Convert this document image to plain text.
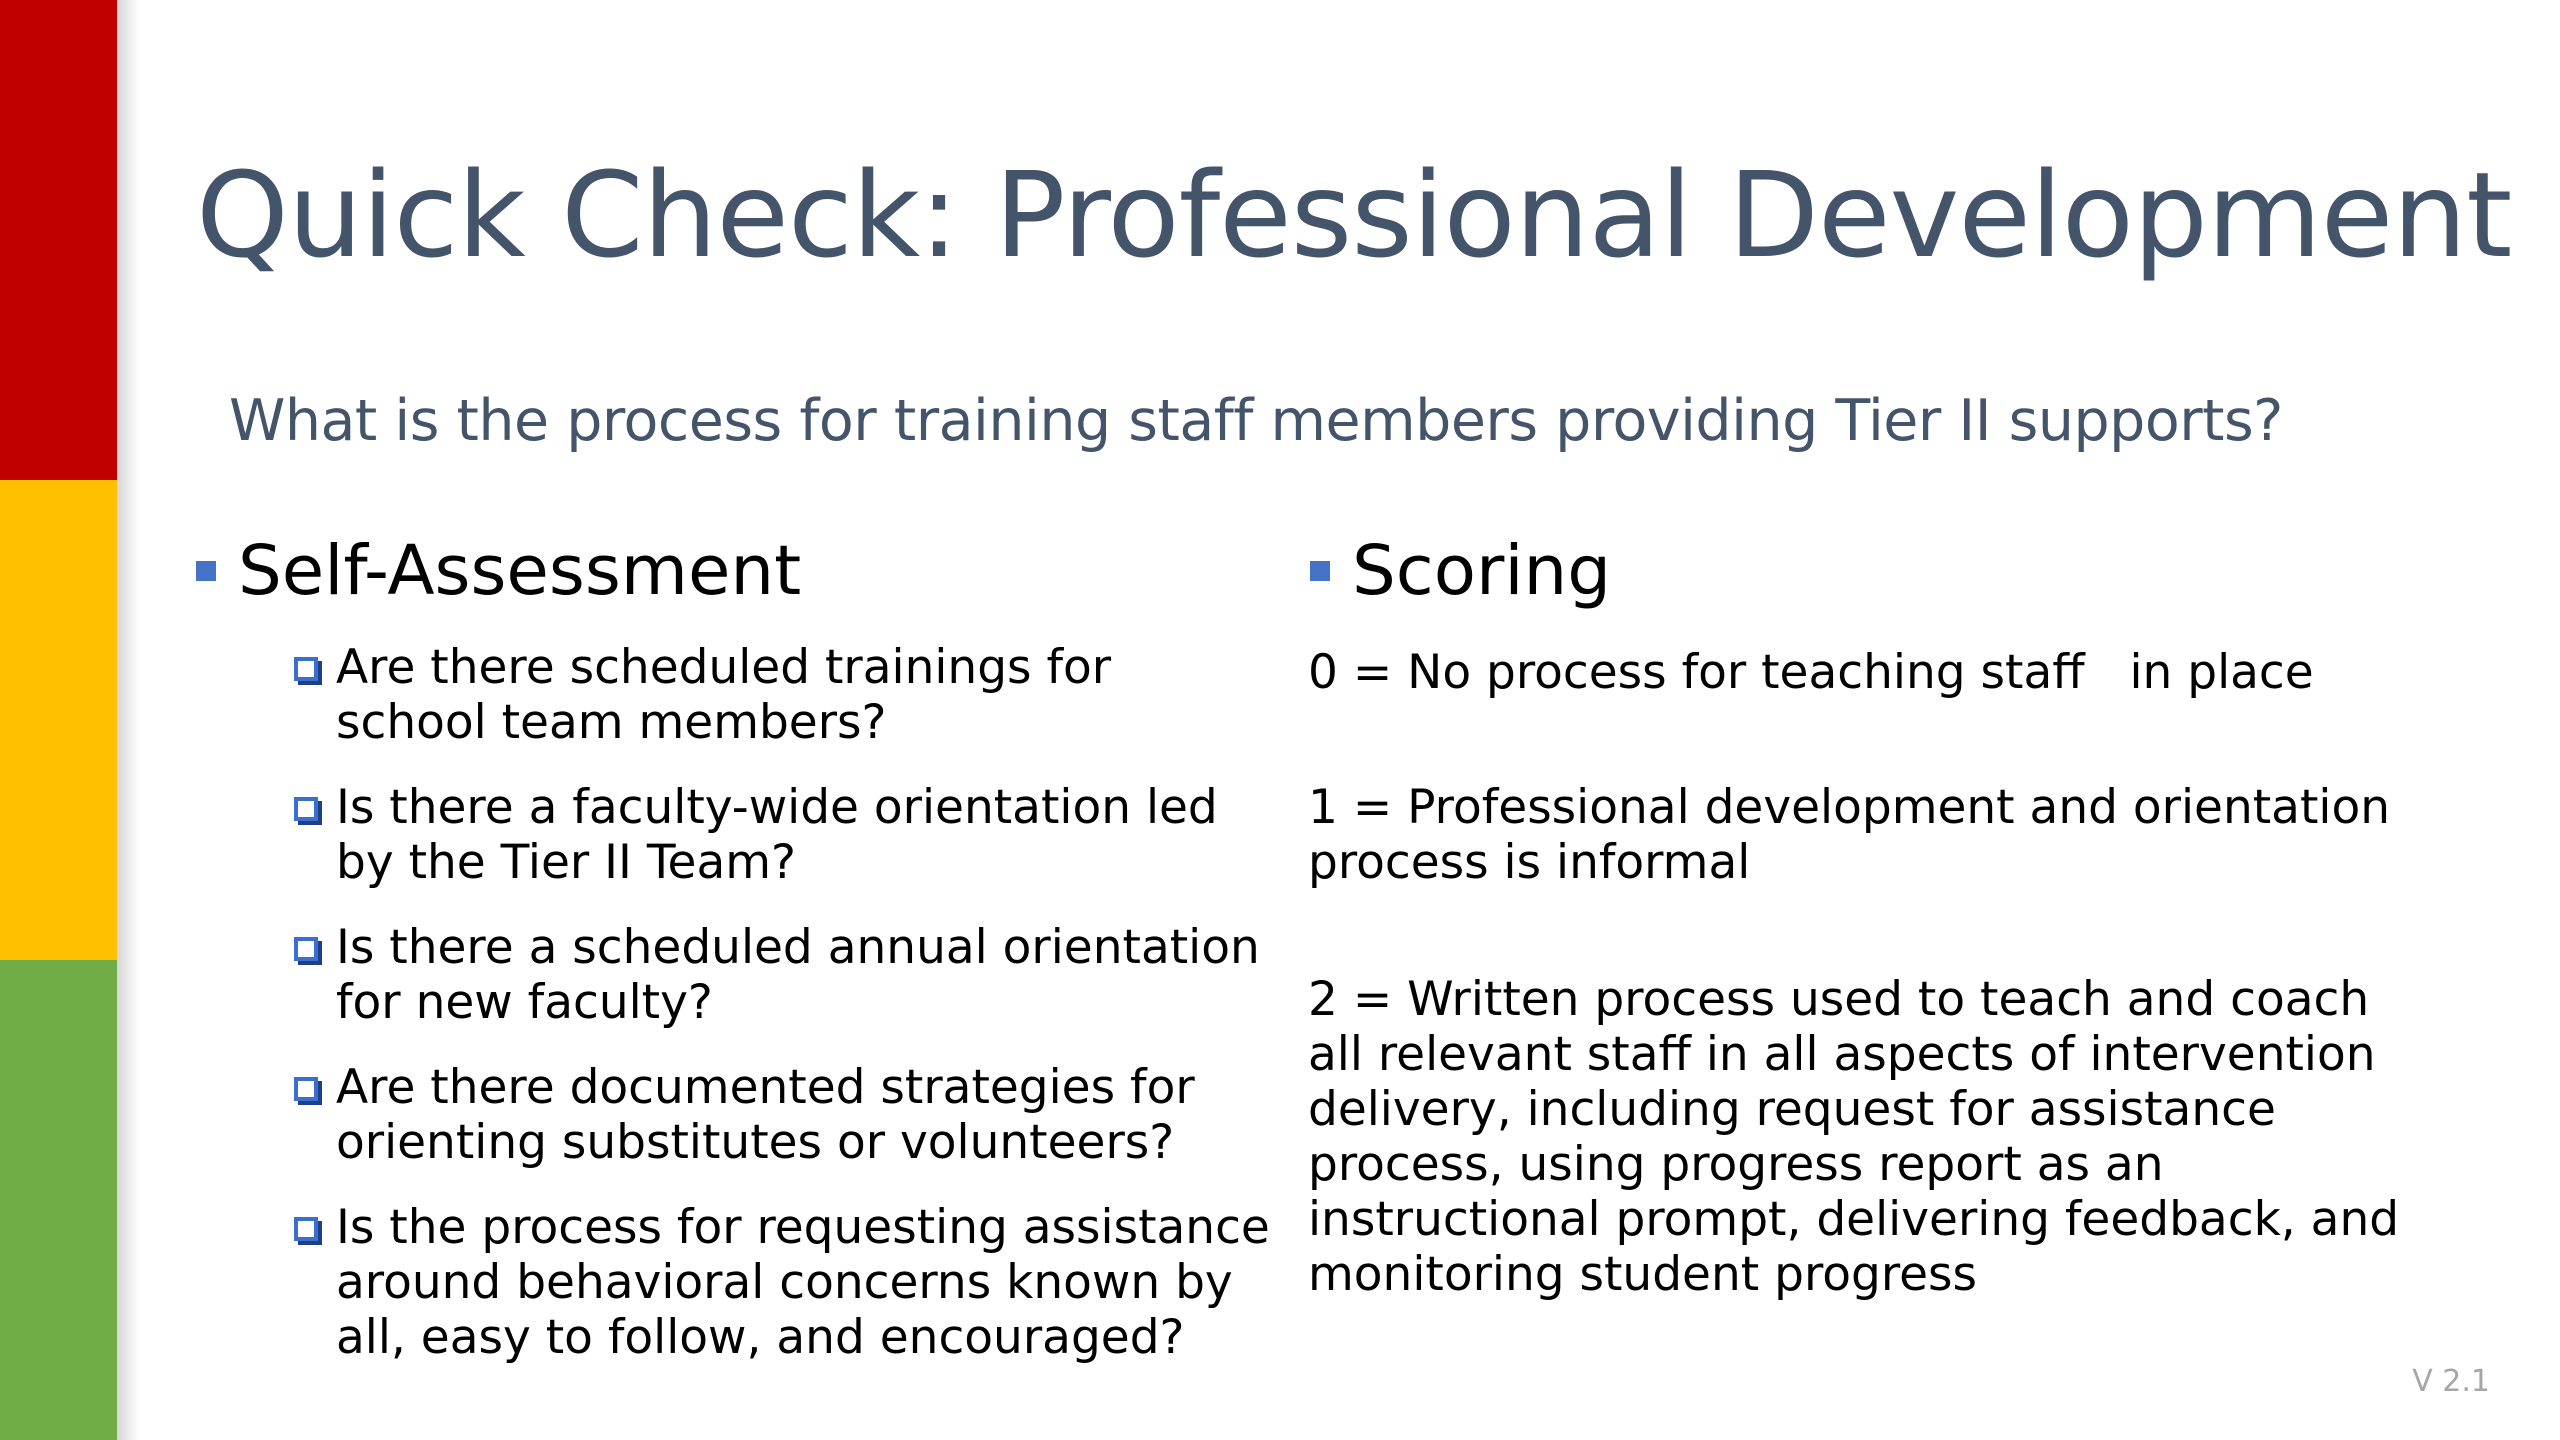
Quick Check: Professional Development
What is the process for training staff members providing Tier II supports?
Self-Assessment	Scoring
Are there scheduled trainings for school team members?
Is there a faculty-wide orientation led by the Tier II Team?
Is there a scheduled annual orientation for new faculty?
Are there documented strategies for orienting substitutes or volunteers?
Is the process for requesting assistance around behavioral concerns known by all, easy to follow, and encouraged?
0 = No process for teaching staff   in place
1 = Professional development and orientation process is informal
2 = Written process used to teach and coach all relevant staff in all aspects of intervention delivery, including request for assistance process, using progress report as an instructional prompt, delivering feedback, and monitoring student progress
V 2.1
